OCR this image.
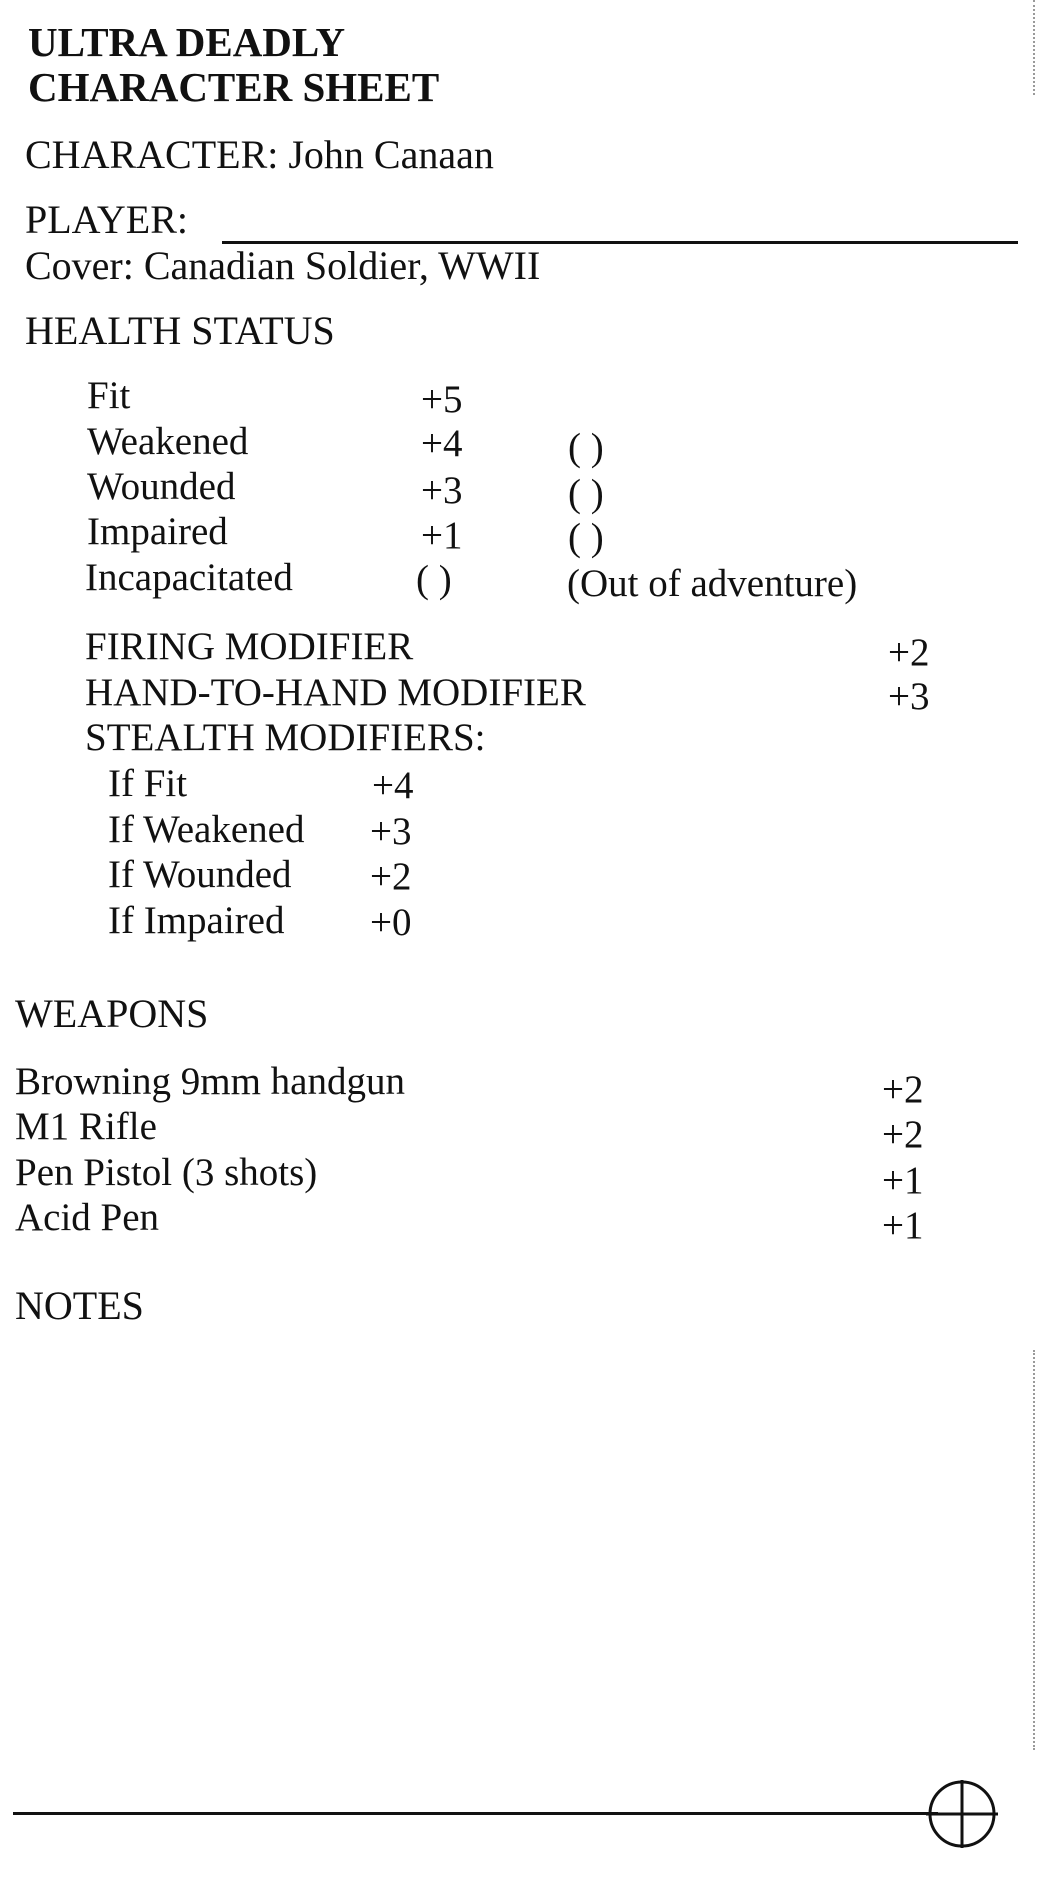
ULTRA DEADLY
CHARACTER SHEET
CHARACTER: John Canaan
PLAYER:
Cover: Canadian Soldier, WWII
HEALTH STATUS
Fit	+5
Weakened	+4	( )
Wounded	+3	( )
Impaired	+1	( )
Incapacitated	( )	(Out of adventure)
FIRING MODIFIER	+2
HAND-TO-HAND MODIFIER	+3
STEALTH MODIFIERS:
If Fit	+4
If Weakened +3
If Wounded +2
If Impaired +0
WEAPONS
Browning 9mm handgun	+2
M1 Rifle	+2
Pen Pistol (3 shots)	+1
Acid Pen	+1
NOTES
